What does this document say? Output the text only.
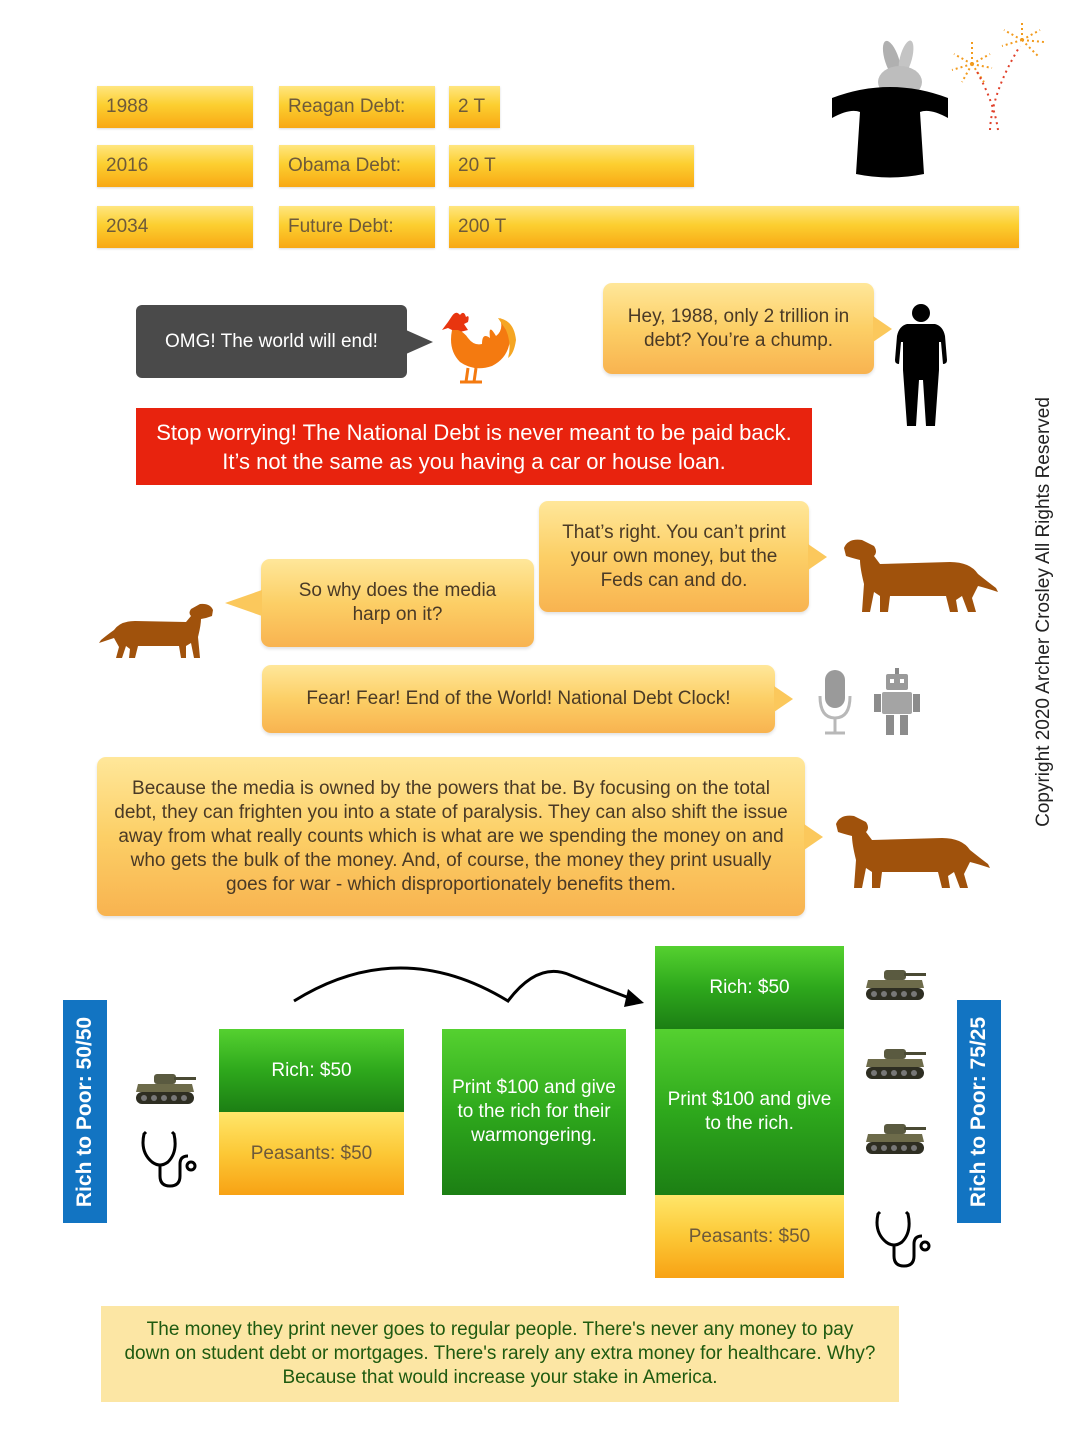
1988	Reagan Debt:	2 T
2016	Obama Debt:	20 T
2034	Future Debt:	200 T
OMG! The world will end!
Hey, 1988, only 2 trillion in debt? You’re a chump.
Stop worrying! The National Debt is never meant to be paid back. It’s not the same as you having a car or house loan.
That’s right. You can’t print your own money, but the Feds can and do.
So why does the media harp on it?
Fear! Fear! End of the World! National Debt Clock!
Because the media is owned by the powers that be. By focusing on the total debt, they can frighten you into a state of paralysis. They can also shift the issue away from what really counts which is what are we spending the money on and who gets the bulk of the money. And, of course, the money they print usually goes for war - which disproportionately benefits them.
Copyright 2020 Archer Crosley All Rights Reserved
Rich to Poor: 50/50	Rich: $50
Peasants: $50
Print $100 and give to the rich for their warmongering.
Rich: $50
Print $100 and give to the rich.
Peasants: $50
Rich to Poor: 75/25
The money they print never goes to regular people. There's never any money to pay down on student debt or mortgages. There's rarely any extra money for healthcare. Why? Because that would increase your stake in America.
